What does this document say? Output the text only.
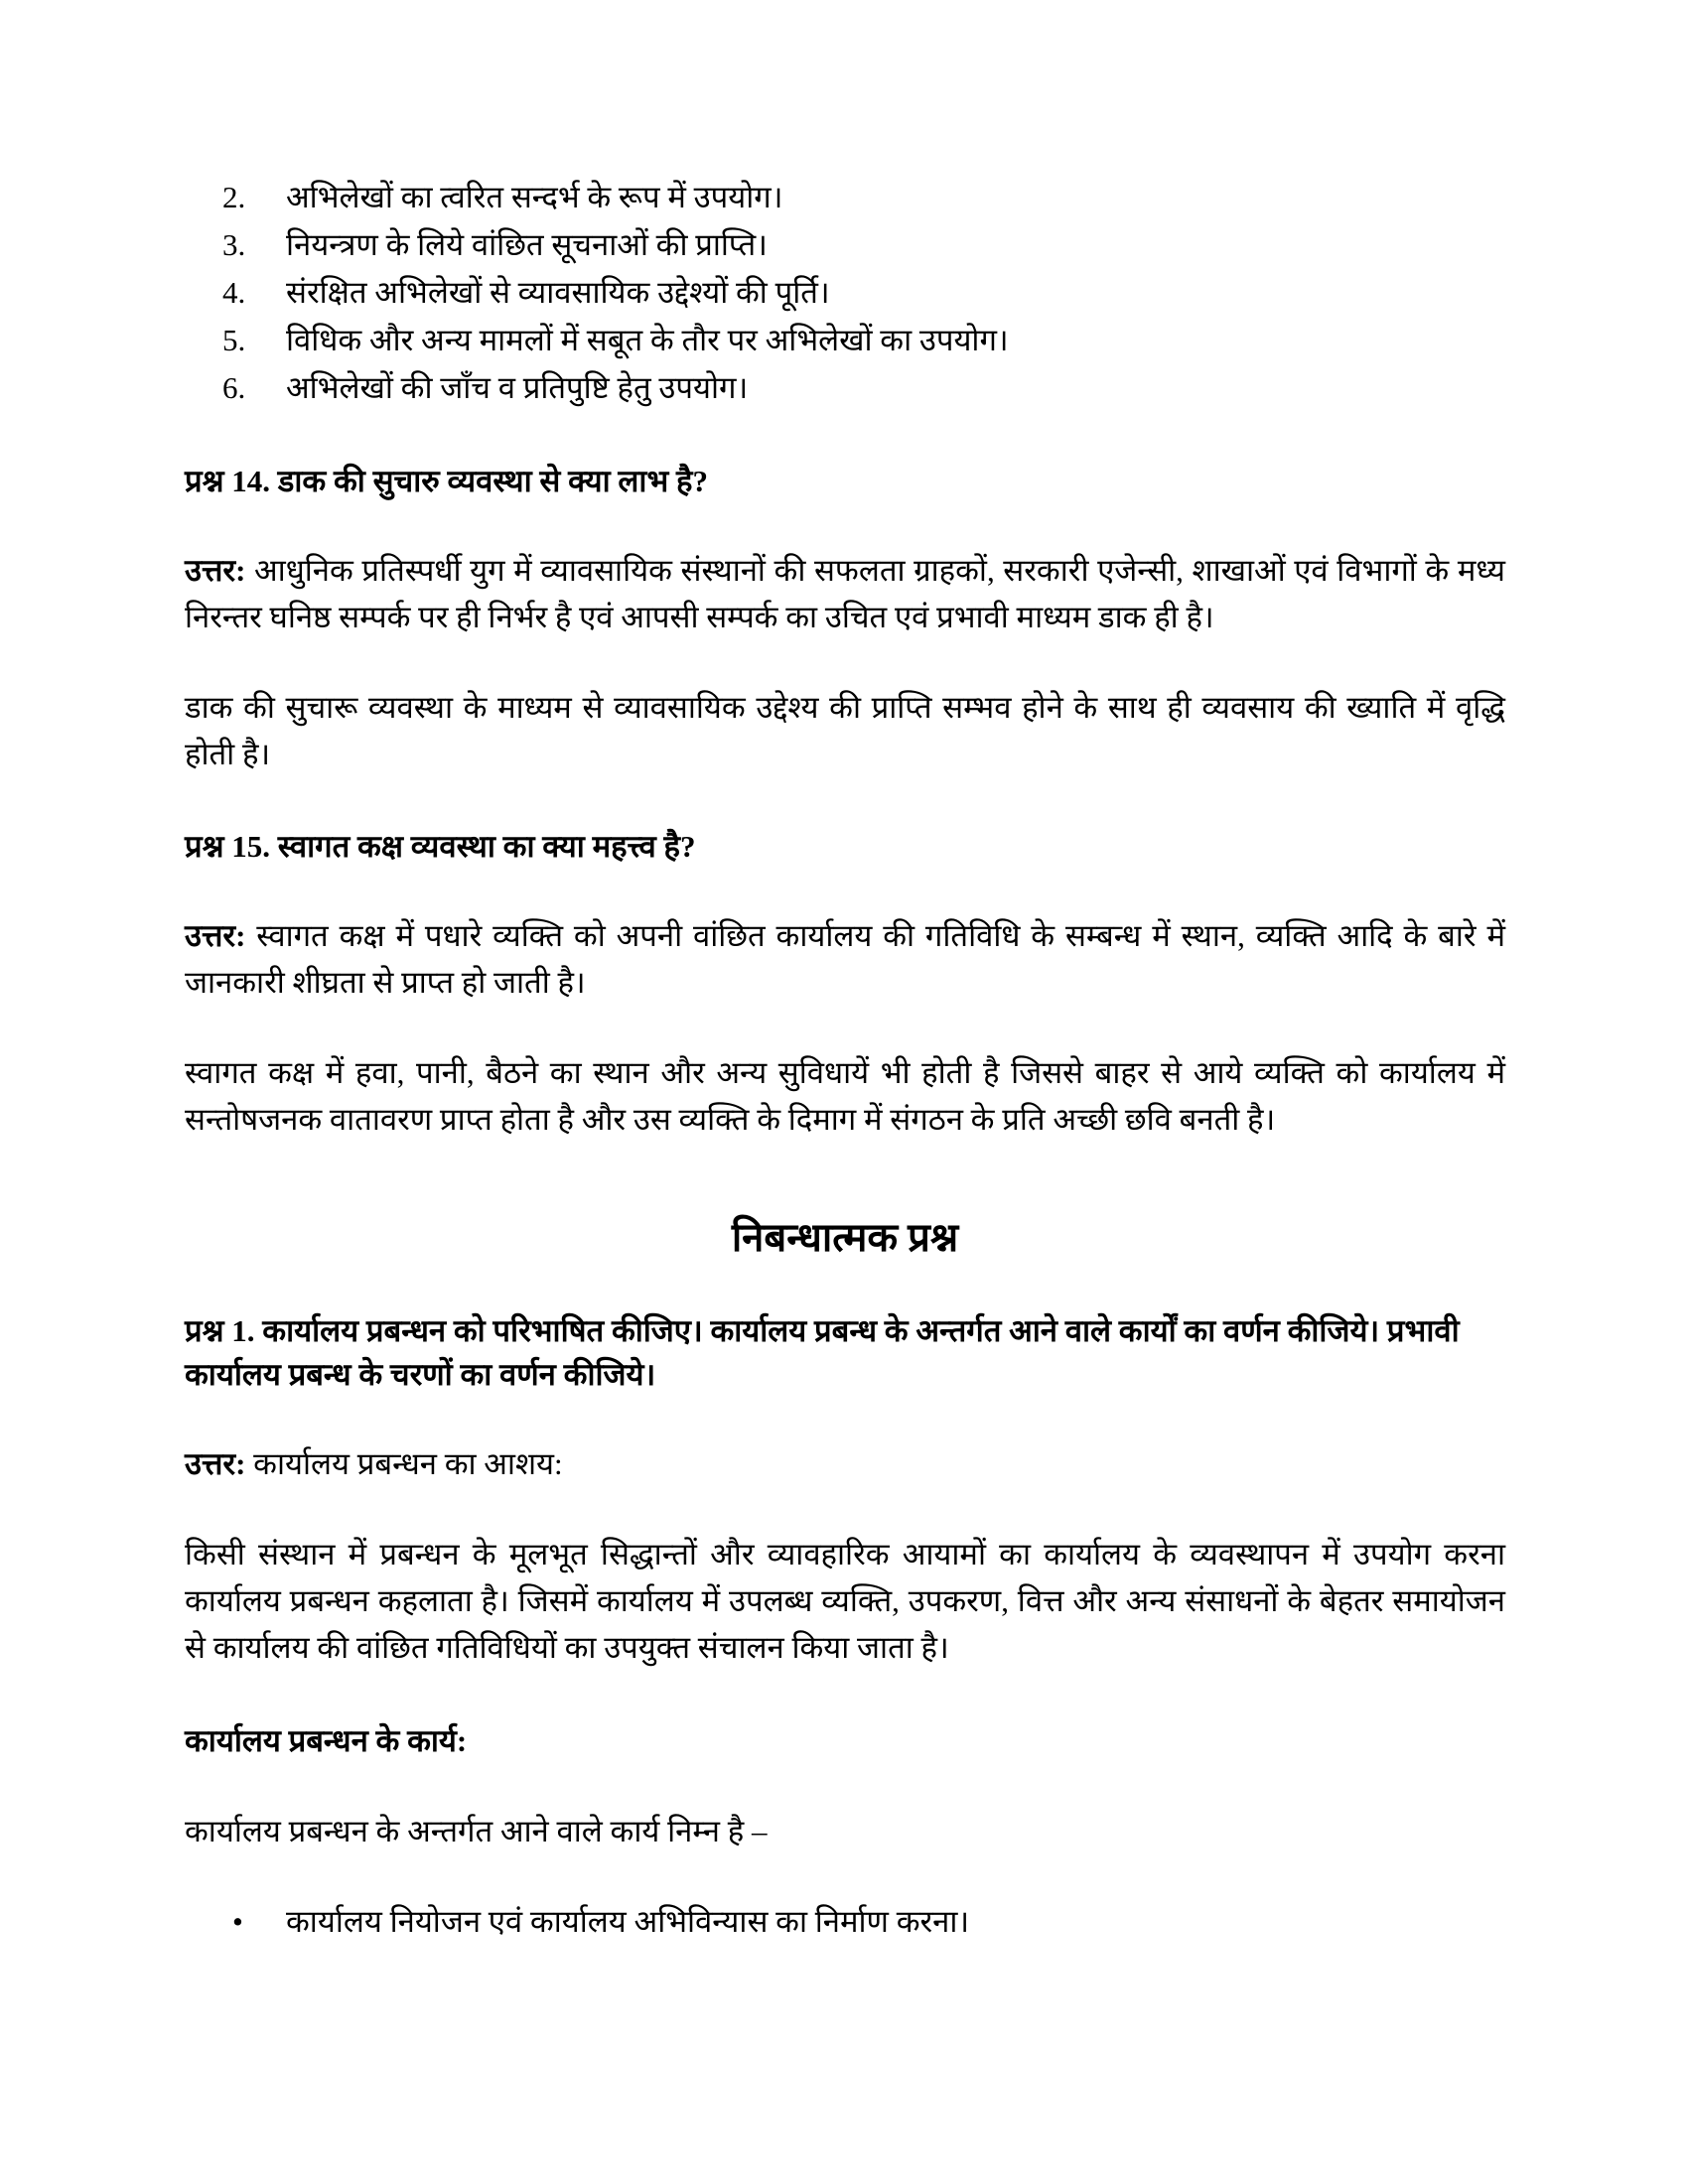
2.	अभिलेखों का त्वरित सन्दर्भ के रूप में उपयोग।
3.	नियन्त्रण के लिये वांछित सूचनाओं की प्राप्ति।
4.	संरक्षित अभिलेखों से व्यावसायिक उद्देश्यों की पूर्ति।
5.	विधिक और अन्य मामलों में सबूत के तौर पर अभिलेखों का उपयोग।
6.	अभिलेखों की जाँच व प्रतिपुष्टि हेतु उपयोग।
प्रश्न 14. डाक की सुचारु व्यवस्था से क्या लाभ है?

उत्तर: आधुनिक प्रतिस्पर्धी युग में व्यावसायिक संस्थानों की सफलता ग्राहकों, सरकारी एजेन्सी, शाखाओं एवं विभागों के मध्य निरन्तर घनिष्ठ सम्पर्क पर ही निर्भर है एवं आपसी सम्पर्क का उचित एवं प्रभावी माध्यम डाक ही है।

डाक की सुचारू व्यवस्था के माध्यम से व्यावसायिक उद्देश्य की प्राप्ति सम्भव होने के साथ ही व्यवसाय की ख्याति में वृद्धि होती है।

प्रश्न 15. स्वागत कक्ष व्यवस्था का क्या महत्त्व है?

उत्तर: स्वागत कक्ष में पधारे व्यक्ति को अपनी वांछित कार्यालय की गतिविधि के सम्बन्ध में स्थान, व्यक्ति आदि के बारे में जानकारी शीघ्रता से प्राप्त हो जाती है।

स्वागत कक्ष में हवा, पानी, बैठने का स्थान और अन्य सुविधायें भी होती है जिससे बाहर से आये व्यक्ति को कार्यालय में सन्तोषजनक वातावरण प्राप्त होता है और उस व्यक्ति के दिमाग में संगठन के प्रति अच्छी छवि बनती है।

निबन्धात्मक प्रश्न
प्रश्न 1. कार्यालय प्रबन्धन को परिभाषित कीजिए। कार्यालय प्रबन्ध के अन्तर्गत आने वाले कार्यों का वर्णन कीजिये। प्रभावी कार्यालय प्रबन्ध के चरणों का वर्णन कीजिये।

उत्तर: कार्यालय प्रबन्धन का आशय:

किसी संस्थान में प्रबन्धन के मूलभूत सिद्धान्तों और व्यावहारिक आयामों का कार्यालय के व्यवस्थापन में उपयोग करना कार्यालय प्रबन्धन कहलाता है। जिसमें कार्यालय में उपलब्ध व्यक्ति, उपकरण, वित्त और अन्य संसाधनों के बेहतर समायोजन से कार्यालय की वांछित गतिविधियों का उपयुक्त संचालन किया जाता है।

कार्यालय प्रबन्धन के कार्य:

कार्यालय प्रबन्धन के अन्तर्गत आने वाले कार्य निम्न है –

• कार्यालय नियोजन एवं कार्यालय अभिविन्यास का निर्माण करना।
